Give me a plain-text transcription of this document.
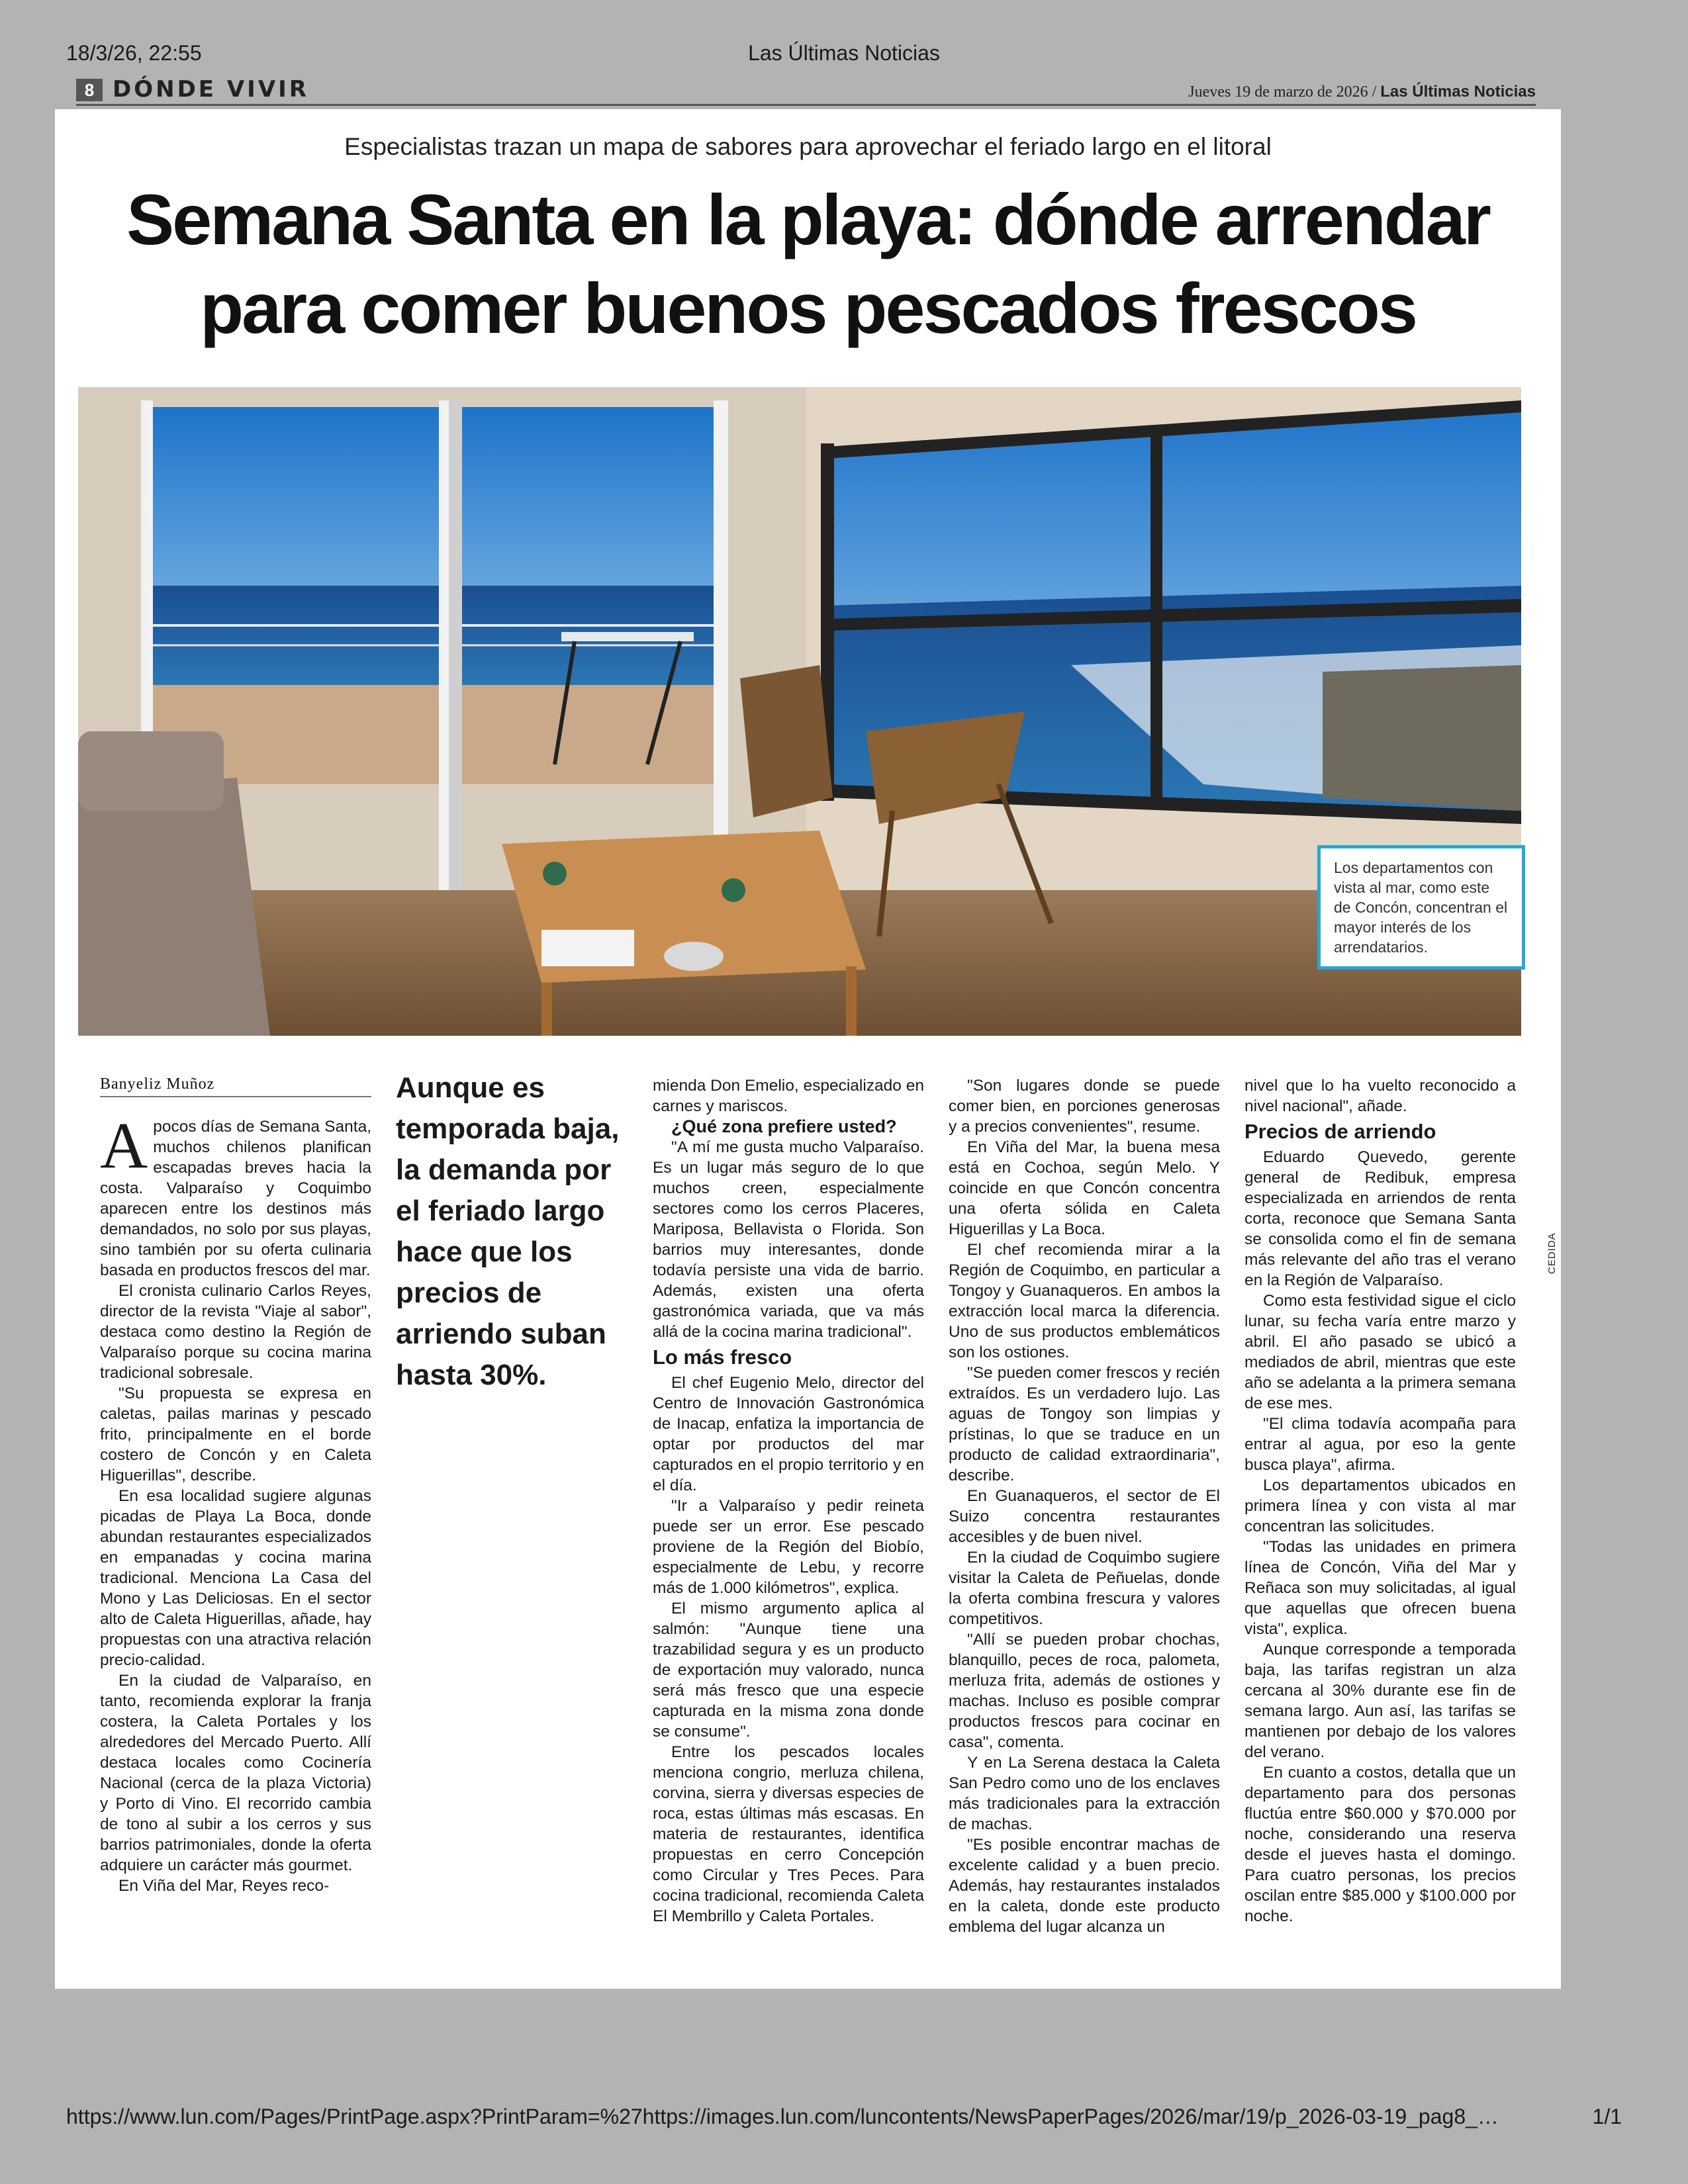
18/3/26, 22:55	Las Últimas Noticias
8 DÓNDE VIVIR	Jueves 19 de marzo de 2026 / Las Últimas Noticias
Especialistas trazan un mapa de sabores para aprovechar el feriado largo en el litoral
Semana Santa en la playa: dónde arrendar
para comer buenos pescados frescos
Los departamentos con vista al mar, como este de Concón, concentran el mayor interés de los arrendatarios.
CEDIDA
Banyeliz Muñoz

Apocos días de Semana Santa, muchos chilenos planifican escapadas breves hacia la costa. Valparaíso y Coquimbo aparecen entre los destinos más demandados, no solo por sus playas, sino también por su oferta culinaria basada en productos frescos del mar.

El cronista culinario Carlos Reyes, director de la revista "Viaje al sabor", destaca como destino la Región de Valparaíso porque su cocina marina tradicional sobresale.

"Su propuesta se expresa en caletas, pailas marinas y pescado frito, principalmente en el borde costero de Concón y en Caleta Higuerillas", describe.

En esa localidad sugiere algunas picadas de Playa La Boca, donde abundan restaurantes especializados en empanadas y cocina marina tradicional. Menciona La Casa del Mono y Las Deliciosas. En el sector alto de Caleta Higuerillas, añade, hay propuestas con una atractiva relación precio-calidad.

En la ciudad de Valparaíso, en tanto, recomienda explorar la franja costera, la Caleta Portales y los alrededores del Mercado Puerto. Allí destaca locales como Cocinería Nacional (cerca de la plaza Victoria) y Porto di Vino. El recorrido cambia de tono al subir a los cerros y sus barrios patrimoniales, donde la oferta adquiere un carácter más gourmet.

En Viña del Mar, Reyes reco-

Aunque es temporada baja, la demanda por el feriado largo hace que los precios de arriendo suban hasta 30%.

mienda Don Emelio, especializado en carnes y mariscos.

¿Qué zona prefiere usted?

"A mí me gusta mucho Valparaíso. Es un lugar más seguro de lo que muchos creen, especialmente sectores como los cerros Placeres, Mariposa, Bellavista o Florida. Son barrios muy interesantes, donde todavía persiste una vida de barrio. Además, existen una oferta gastronómica variada, que va más allá de la cocina marina tradicional".

Lo más fresco

El chef Eugenio Melo, director del Centro de Innovación Gastronómica de Inacap, enfatiza la importancia de optar por productos del mar capturados en el propio territorio y en el día.

"Ir a Valparaíso y pedir reineta puede ser un error. Ese pescado proviene de la Región del Biobío, especialmente de Lebu, y recorre más de 1.000 kilómetros", explica.

El mismo argumento aplica al salmón: "Aunque tiene una trazabilidad segura y es un producto de exportación muy valorado, nunca será más fresco que una especie capturada en la misma zona donde se consume".

Entre los pescados locales menciona congrio, merluza chilena, corvina, sierra y diversas especies de roca, estas últimas más escasas. En materia de restaurantes, identifica propuestas en cerro Concepción como Circular y Tres Peces. Para cocina tradicional, recomienda Caleta El Membrillo y Caleta Portales.

"Son lugares donde se puede comer bien, en porciones generosas y a precios convenientes", resume.

En Viña del Mar, la buena mesa está en Cochoa, según Melo. Y coincide en que Concón concentra una oferta sólida en Caleta Higuerillas y La Boca.

El chef recomienda mirar a la Región de Coquimbo, en particular a Tongoy y Guanaqueros. En ambos la extracción local marca la diferencia. Uno de sus productos emblemáticos son los ostiones.

"Se pueden comer frescos y recién extraídos. Es un verdadero lujo. Las aguas de Tongoy son limpias y prístinas, lo que se traduce en un producto de calidad extraordinaria", describe.

En Guanaqueros, el sector de El Suizo concentra restaurantes accesibles y de buen nivel.

En la ciudad de Coquimbo sugiere visitar la Caleta de Peñuelas, donde la oferta combina frescura y valores competitivos.

"Allí se pueden probar chochas, blanquillo, peces de roca, palometa, merluza frita, además de ostiones y machas. Incluso es posible comprar productos frescos para cocinar en casa", comenta.

Y en La Serena destaca la Caleta San Pedro como uno de los enclaves más tradicionales para la extracción de machas.

"Es posible encontrar machas de excelente calidad y a buen precio. Además, hay restaurantes instalados en la caleta, donde este producto emblema del lugar alcanza un

nivel que lo ha vuelto reconocido a nivel nacional", añade.

Precios de arriendo

Eduardo Quevedo, gerente general de Redibuk, empresa especializada en arriendos de renta corta, reconoce que Semana Santa se consolida como el fin de semana más relevante del año tras el verano en la Región de Valparaíso.

Como esta festividad sigue el ciclo lunar, su fecha varía entre marzo y abril. El año pasado se ubicó a mediados de abril, mientras que este año se adelanta a la primera semana de ese mes.

"El clima todavía acompaña para entrar al agua, por eso la gente busca playa", afirma.

Los departamentos ubicados en primera línea y con vista al mar concentran las solicitudes.

"Todas las unidades en primera línea de Concón, Viña del Mar y Reñaca son muy solicitadas, al igual que aquellas que ofrecen buena vista", explica.

Aunque corresponde a temporada baja, las tarifas registran un alza cercana al 30% durante ese fin de semana largo. Aun así, las tarifas se mantienen por debajo de los valores del verano.

En cuanto a costos, detalla que un departamento para dos personas fluctúa entre $60.000 y $70.000 por noche, considerando una reserva desde el jueves hasta el domingo. Para cuatro personas, los precios oscilan entre $85.000 y $100.000 por noche.

https://www.lun.com/Pages/PrintPage.aspx?PrintParam=%27https://images.lun.com/luncontents/NewsPaperPages/2026/mar/19/p_2026-03-19_pag8_…	1/1
